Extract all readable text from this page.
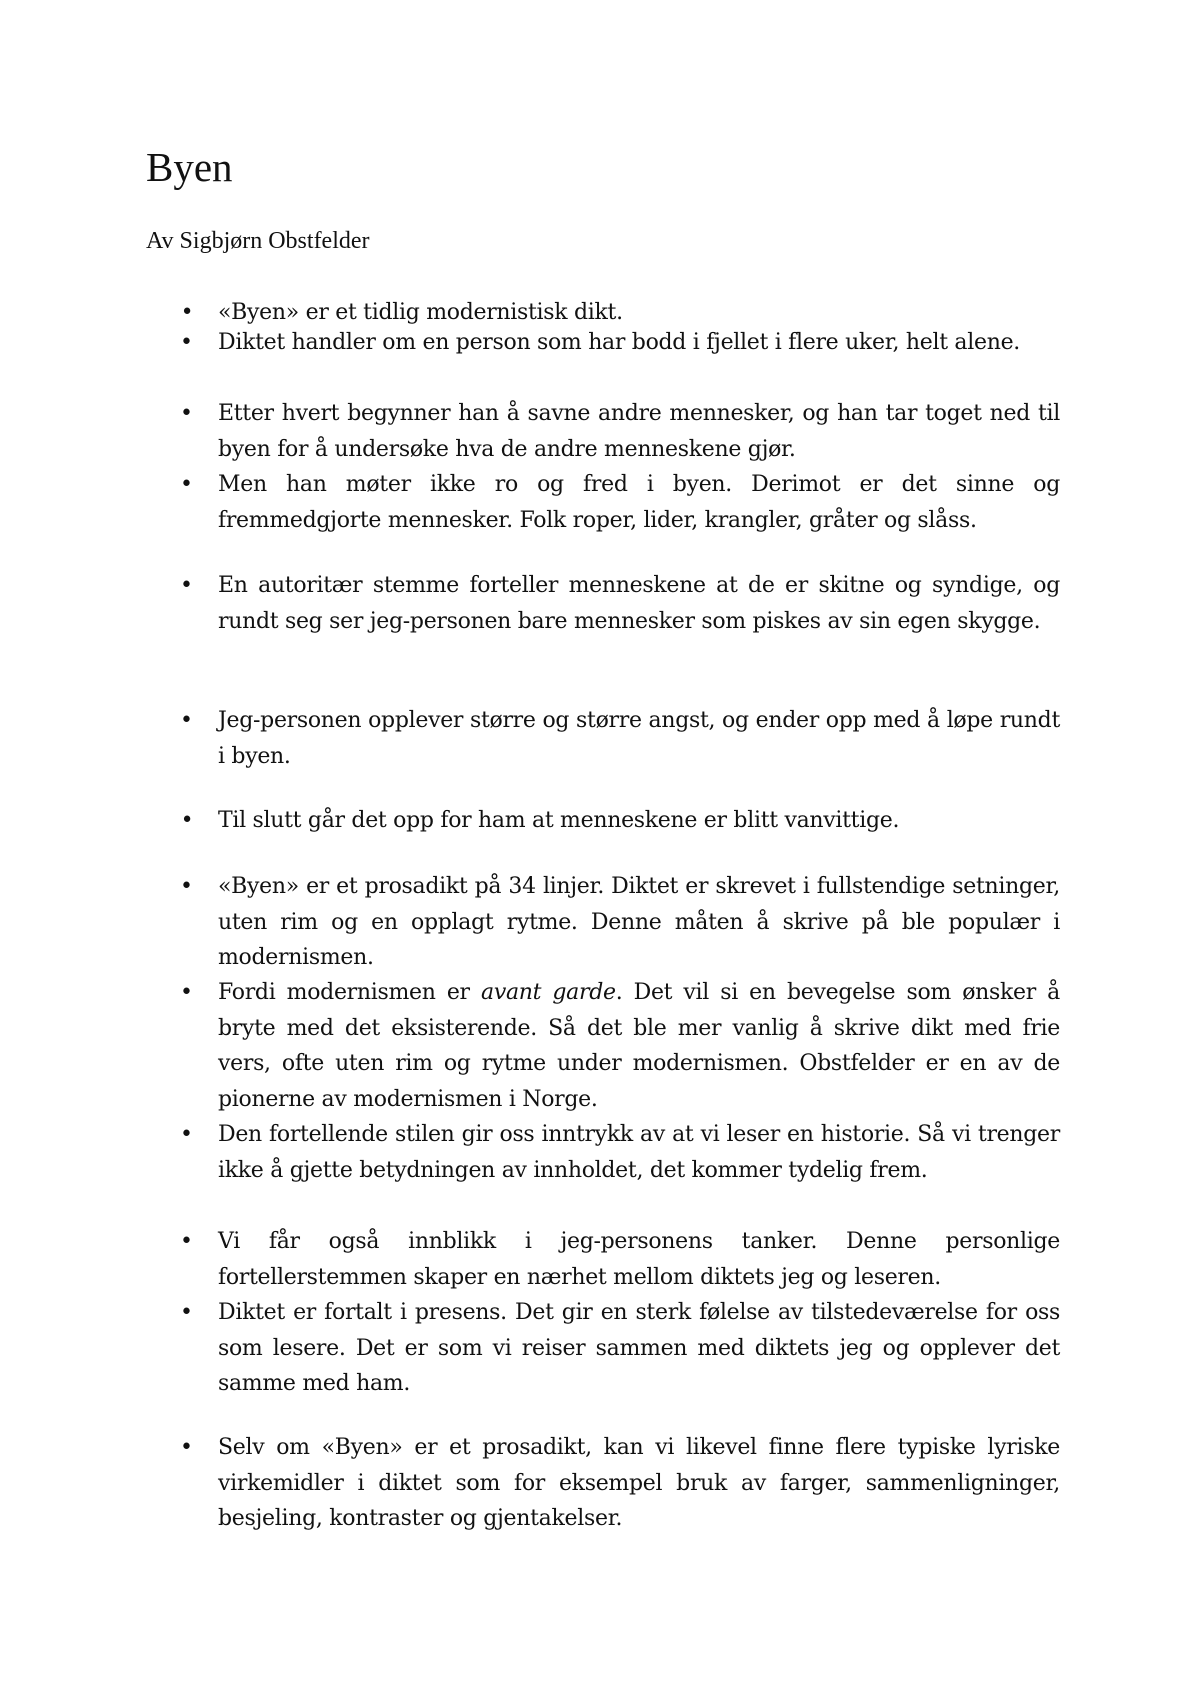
Byen

Av Sigbjørn Obstfelder

• «Byen» er et tidlig modernistisk dikt.
• Diktet handler om en person som har bodd i fjellet i flere uker, helt alene.
• Etter hvert begynner han å savne andre mennesker, og han tar toget ned til byen for å undersøke hva de andre menneskene gjør.
• Men han møter ikke ro og fred i byen. Derimot er det sinne og fremmedgjorte mennesker. Folk roper, lider, krangler, gråter og slåss.
• En autoritær stemme forteller menneskene at de er skitne og syndige, og rundt seg ser jeg-personen bare mennesker som piskes av sin egen skygge.
• Jeg-personen opplever større og større angst, og ender opp med å løpe rundt i byen.
• Til slutt går det opp for ham at menneskene er blitt vanvittige.
• «Byen» er et prosadikt på 34 linjer. Diktet er skrevet i fullstendige setninger, uten rim og en opplagt rytme. Denne måten å skrive på ble populær i modernismen.
• Fordi modernismen er avant garde. Det vil si en bevegelse som ønsker å bryte med det eksisterende. Så det ble mer vanlig å skrive dikt med frie vers, ofte uten rim og rytme under modernismen. Obstfelder er en av de pionerne av modernismen i Norge.
• Den fortellende stilen gir oss inntrykk av at vi leser en historie. Så vi trenger ikke å gjette betydningen av innholdet, det kommer tydelig frem.
• Vi får også innblikk i jeg-personens tanker. Denne personlige fortellerstemmen skaper en nærhet mellom diktets jeg og leseren.
• Diktet er fortalt i presens. Det gir en sterk følelse av tilstedeværelse for oss som lesere. Det er som vi reiser sammen med diktets jeg og opplever det samme med ham.
• Selv om «Byen» er et prosadikt, kan vi likevel finne flere typiske lyriske virkemidler i diktet som for eksempel bruk av farger, sammenligninger, besjeling, kontraster og gjentakelser.
